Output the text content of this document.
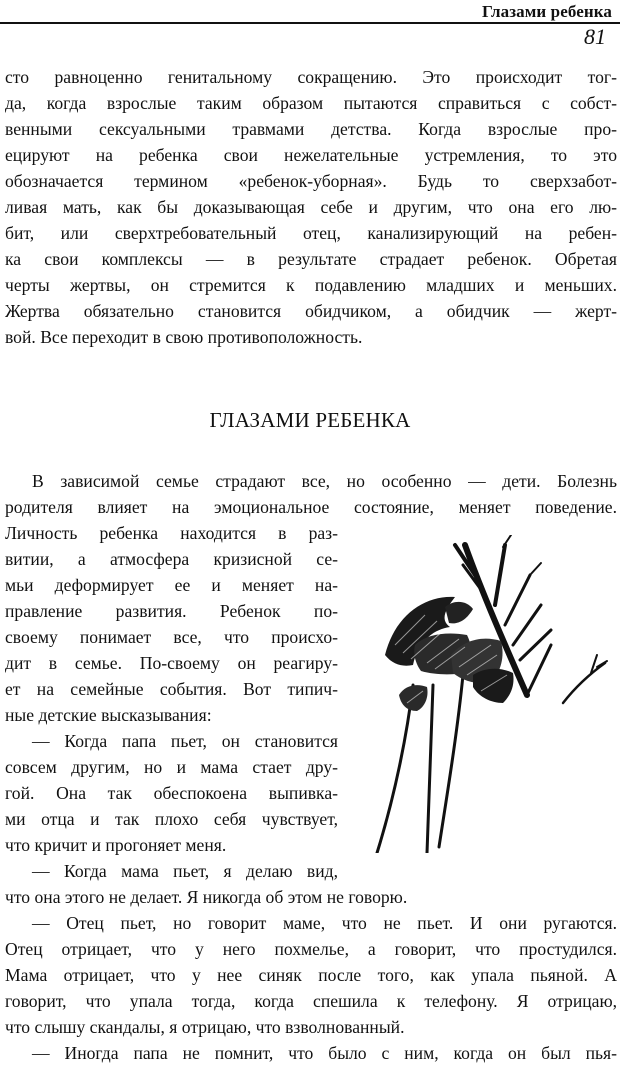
Глазами ребенка
81
сто равноценно генитальному сокращению. Это происходит тог-
да, когда взрослые таким образом пытаются справиться с собст-
венными сексуальными травмами детства. Когда взрослые про-
ецируют на ребенка свои нежелательные устремления, то это
обозначается термином «ребенок-уборная». Будь то сверхзабот-
ливая мать, как бы доказывающая себе и другим, что она его лю-
бит, или сверхтребовательный отец, канализирующий на ребен-
ка свои комплексы — в результате страдает ребенок. Обретая
черты жертвы, он стремится к подавлению младших и меньших.
Жертва обязательно становится обидчиком, а обидчик — жерт-
вой. Все переходит в свою противоположность.
ГЛАЗАМИ РЕБЕНКА
В зависимой семье страдают все, но особенно — дети. Болезнь
родителя влияет на эмоциональное состояние, меняет поведение.
Личность ребенка находится в раз-
витии, а атмосфера кризисной се-
мьи деформирует ее и меняет на-
правление развития. Ребенок по-
своему понимает все, что происхо-
дит в семье. По-своему он реагиру-
ет на семейные события. Вот типич-
ные детские высказывания:
— Когда папа пьет, он становится
совсем другим, но и мама стает дру-
гой. Она так обеспокоена выпивка-
ми отца и так плохо себя чувствует,
что кричит и прогоняет меня.
— Когда мама пьет, я делаю вид,
что она этого не делает. Я никогда об этом не говорю.
— Отец пьет, но говорит маме, что не пьет. И они ругаются.
Отец отрицает, что у него похмелье, а говорит, что простудился.
Мама отрицает, что у нее синяк после того, как упала пьяной. А
говорит, что упала тогда, когда спешила к телефону. Я отрицаю,
что слышу скандалы, я отрицаю, что взволнованный.
— Иногда папа не помнит, что было с ним, когда он был пья-
